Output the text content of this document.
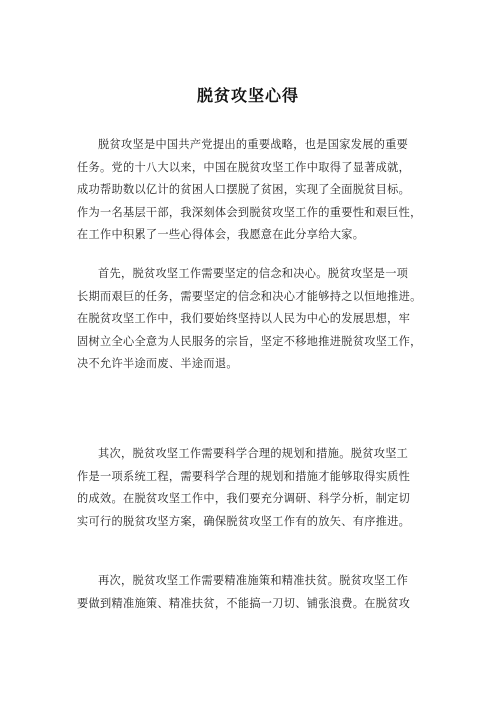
脱贫攻坚心得
脱贫攻坚是中国共产党提出的重要战略，也是国家发展的重要
任务。党的十八大以来，中国在脱贫攻坚工作中取得了显著成就，
成功帮助数以亿计的贫困人口摆脱了贫困，实现了全面脱贫目标。
作为一名基层干部，我深刻体会到脱贫攻坚工作的重要性和艰巨性，
在工作中积累了一些心得体会，我愿意在此分享给大家。
首先，脱贫攻坚工作需要坚定的信念和决心。脱贫攻坚是一项
长期而艰巨的任务，需要坚定的信念和决心才能够持之以恒地推进。
在脱贫攻坚工作中，我们要始终坚持以人民为中心的发展思想，牢
固树立全心全意为人民服务的宗旨，坚定不移地推进脱贫攻坚工作，
决不允许半途而废、半途而退。
其次，脱贫攻坚工作需要科学合理的规划和措施。脱贫攻坚工
作是一项系统工程，需要科学合理的规划和措施才能够取得实质性
的成效。在脱贫攻坚工作中，我们要充分调研、科学分析，制定切
实可行的脱贫攻坚方案，确保脱贫攻坚工作有的放矢、有序推进。
再次，脱贫攻坚工作需要精准施策和精准扶贫。脱贫攻坚工作
要做到精准施策、精准扶贫，不能搞一刀切、铺张浪费。在脱贫攻
